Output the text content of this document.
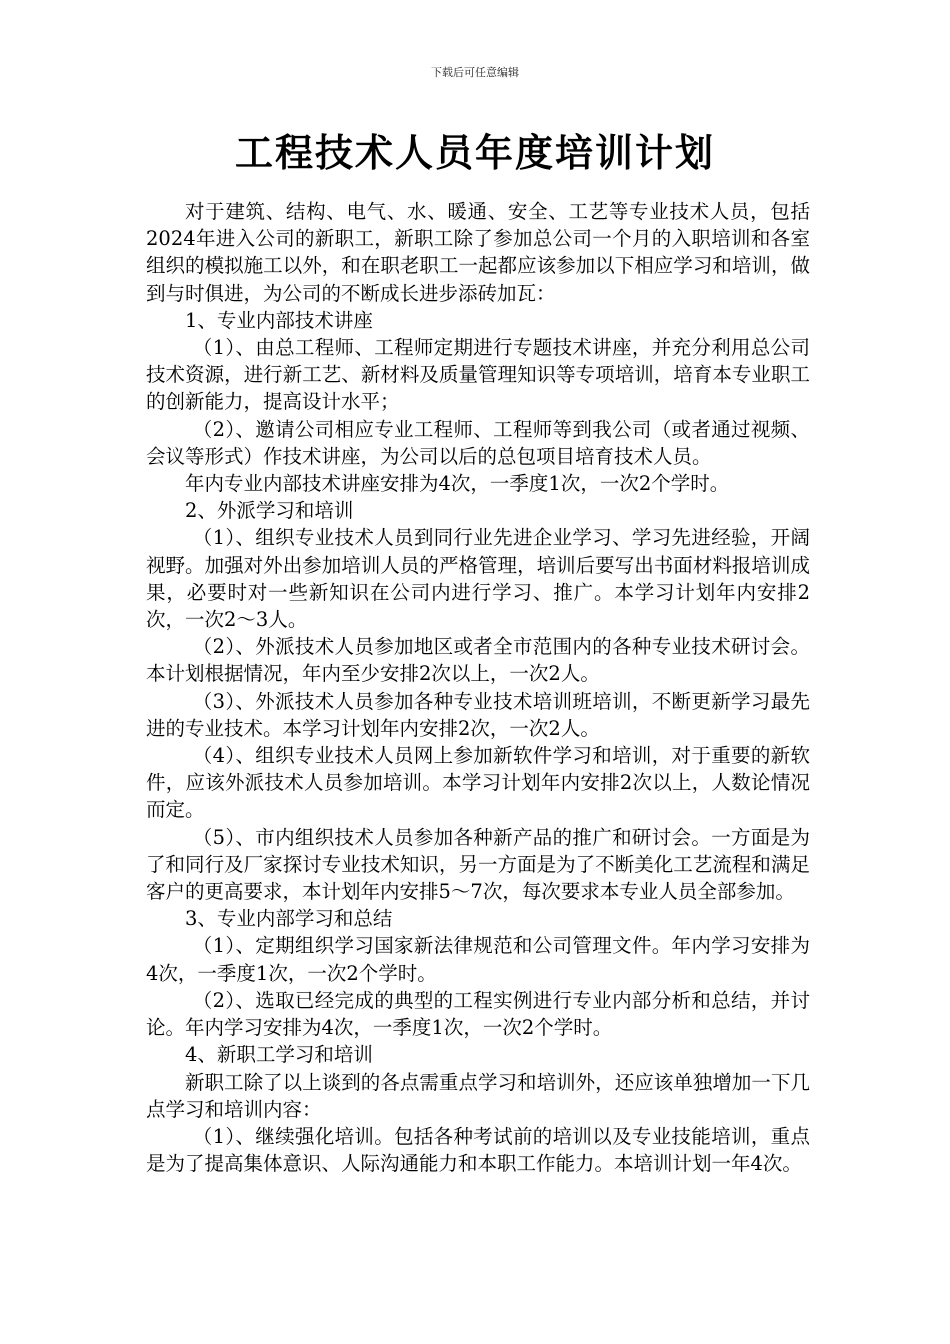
下载后可任意编辑
工程技术人员年度培训计划

对于建筑、结构、电气、水、暖通、安全、工艺等专业技术人员，包括2024年进入公司的新职工，新职工除了参加总公司一个月的入职培训和各室组织的模拟施工以外，和在职老职工一起都应该参加以下相应学习和培训，做到与时俱进，为公司的不断成长进步添砖加瓦：

1、专业内部技术讲座

（1）、由总工程师、工程师定期进行专题技术讲座，并充分利用总公司技术资源，进行新工艺、新材料及质量管理知识等专项培训，培育本专业职工的创新能力，提高设计水平；

（2）、邀请公司相应专业工程师、工程师等到我公司（或者通过视频、会议等形式）作技术讲座，为公司以后的总包项目培育技术人员。

年内专业内部技术讲座安排为4次，一季度1次，一次2个学时。

2、外派学习和培训

（1）、组织专业技术人员到同行业先进企业学习、学习先进经验，开阔视野。加强对外出参加培训人员的严格管理，培训后要写出书面材料报培训成果，必要时对一些新知识在公司内进行学习、推广。本学习计划年内安排2次，一次2～3人。

（2）、外派技术人员参加地区或者全市范围内的各种专业技术研讨会。本计划根据情况，年内至少安排2次以上，一次2人。

（3）、外派技术人员参加各种专业技术培训班培训，不断更新学习最先进的专业技术。本学习计划年内安排2次，一次2人。

（4）、组织专业技术人员网上参加新软件学习和培训，对于重要的新软件，应该外派技术人员参加培训。本学习计划年内安排2次以上，人数论情况而定。

（5）、市内组织技术人员参加各种新产品的推广和研讨会。一方面是为了和同行及厂家探讨专业技术知识，另一方面是为了不断美化工艺流程和满足客户的更高要求，本计划年内安排5～7次，每次要求本专业人员全部参加。

3、专业内部学习和总结

（1）、定期组织学习国家新法律规范和公司管理文件。年内学习安排为4次，一季度1次，一次2个学时。

（2）、选取已经完成的典型的工程实例进行专业内部分析和总结，并讨论。年内学习安排为4次，一季度1次，一次2个学时。

4、新职工学习和培训

新职工除了以上谈到的各点需重点学习和培训外，还应该单独增加一下几点学习和培训内容：

（1）、继续强化培训。包括各种考试前的培训以及专业技能培训，重点是为了提高集体意识、人际沟通能力和本职工作能力。本培训计划一年4次。
